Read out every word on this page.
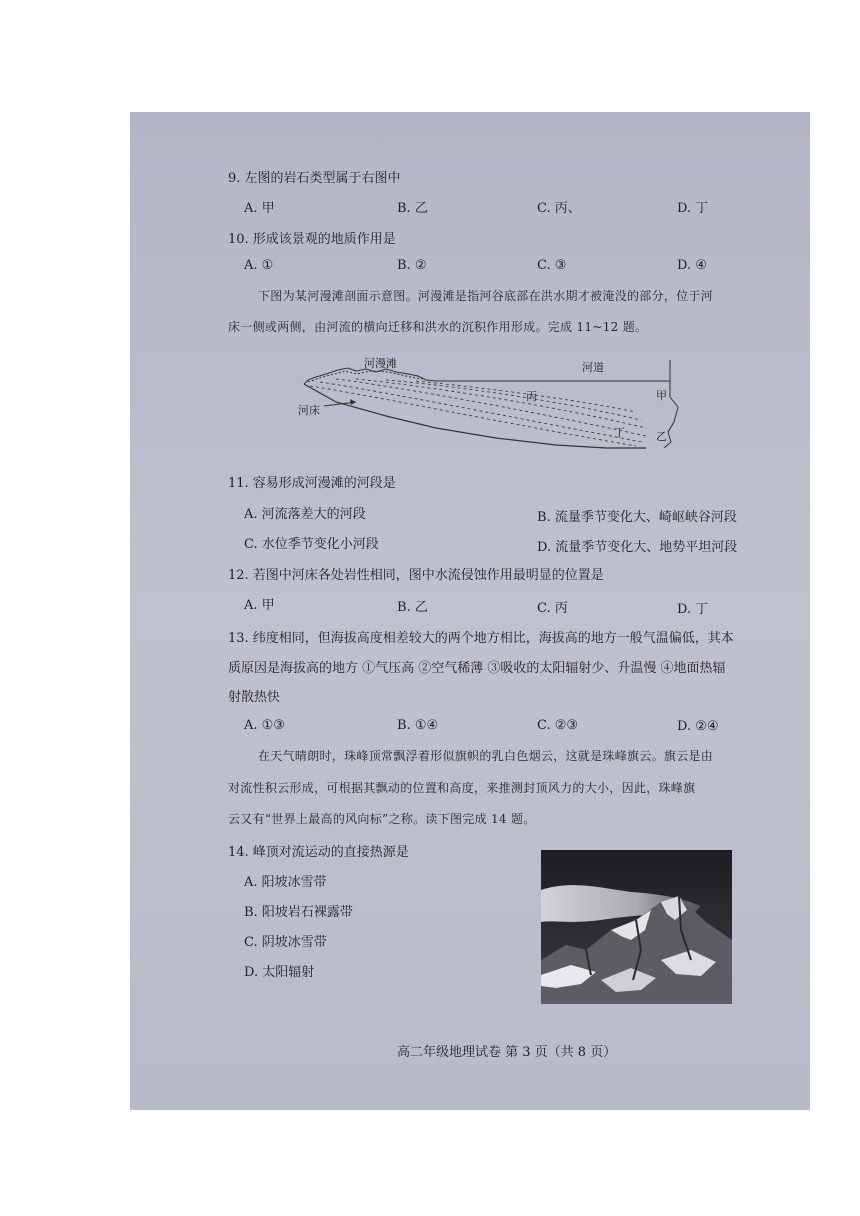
9. 左图的岩石类型属于右图中
A. 甲	B. 乙	C. 丙、	D. 丁
10. 形成该景观的地质作用是
A. ①	B. ②	C. ③	D. ④
下图为某河漫滩剖面示意图。河漫滩是指河谷底部在洪水期才被淹没的部分，位于河
床一侧或两侧，由河流的横向迁移和洪水的沉积作用形成。完成 11~12 题。
河漫滩	河道
河床
丙	甲
丁	乙
11. 容易形成河漫滩的河段是
A. 河流落差大的河段	B. 流量季节变化大、崎岖峡谷河段
C. 水位季节变化小河段	D. 流量季节变化大、地势平坦河段
12. 若图中河床各处岩性相同，图中水流侵蚀作用最明显的位置是
A. 甲	B. 乙	C. 丙	D. 丁
13. 纬度相同，但海拔高度相差较大的两个地方相比，海拔高的地方一般气温偏低，其本
质原因是海拔高的地方 ①气压高 ②空气稀薄 ③吸收的太阳辐射少、升温慢 ④地面热辐
射散热快
A. ①③	B. ①④	C. ②③	D. ②④
在天气晴朗时，珠峰顶常飘浮着形似旗帜的乳白色烟云，这就是珠峰旗云。旗云是由
对流性积云形成，可根据其飘动的位置和高度，来推测封顶风力的大小，因此，珠峰旗
云又有“世界上最高的风向标”之称。读下图完成 14 题。
14. 峰顶对流运动的直接热源是
A. 阳坡冰雪带
B. 阳坡岩石裸露带
C. 阴坡冰雪带
D. 太阳辐射
高二年级地理试卷 第 3 页（共 8 页）
